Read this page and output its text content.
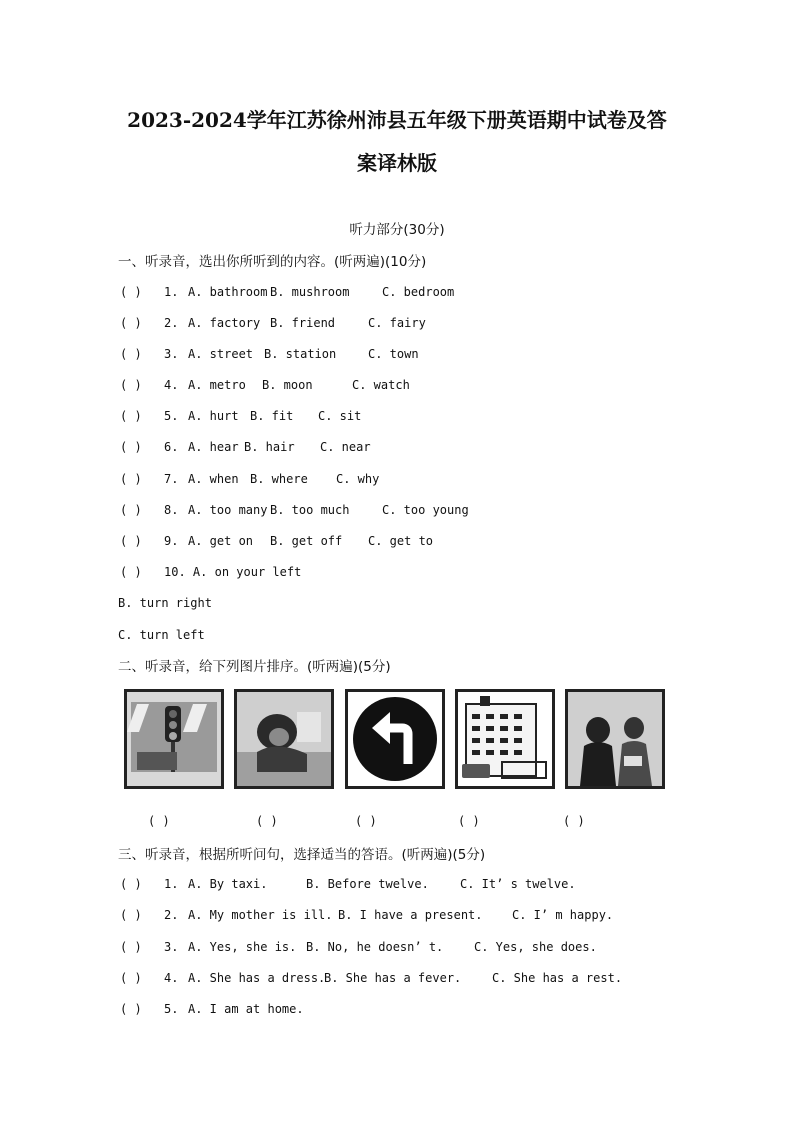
2023-2024学年江苏徐州沛县五年级下册英语期中试卷及答
案译林版
听力部分(30分)
一、听录音，选出你所听到的内容。(听两遍)(10分)
( ) 1. A. bathroom B. mushroom	C. bedroom
( ) 2. A. factory B. friend	C. fairy
( ) 3. A. street B. station	C. town
( ) 4. A. metro B. moon	C. watch
( ) 5. A. hurt B. fit C. sit
( ) 6. A. hear B. hair C. near
( ) 7. A. when B. where C. why
( ) 8. A. too many B. too much	C. too young
( ) 9. A. get on B. get off C. get to
( ) 10. A. on your left
B. turn right
C. turn left
二、听录音，给下列图片排序。(听两遍)(5分)
( )	( )	( )	( )	( )
三、听录音，根据所听问句，选择适当的答语。(听两遍)(5分)
( ) 1. A. By taxi.	B. Before twelve.	C. It’ s twelve.
( ) 2. A. My mother is ill. B. I have a present. C. I’ m happy.
( ) 3. A. Yes, she is. B. No, he doesn’ t.	C. Yes, she does.
( ) 4. A. She has a dress.B. She has a fever.	C. She has a rest.
( ) 5. A. I am at home.
